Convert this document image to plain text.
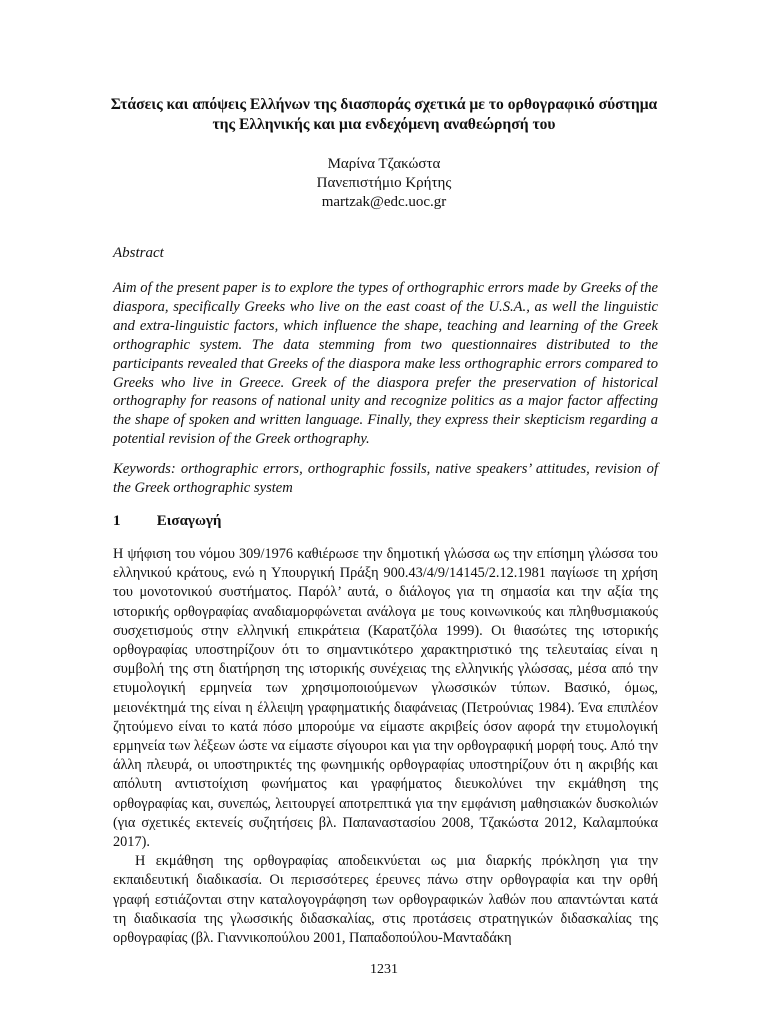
Στάσεις και απόψεις Ελλήνων της διασποράς σχετικά με το ορθογραφικό σύστημα της Ελληνικής και μια ενδεχόμενη αναθεώρησή του
Μαρίνα Τζακώστα
Πανεπιστήμιο Κρήτης
martzak@edc.uoc.gr
Abstract
Aim of the present paper is to explore the types of orthographic errors made by Greeks of the diaspora, specifically Greeks who live on the east coast of the U.S.A., as well the linguistic and extra-linguistic factors, which influence the shape, teaching and learning of the Greek orthographic system. The data stemming from two questionnaires distributed to the participants revealed that Greeks of the diaspora make less orthographic errors compared to Greeks who live in Greece. Greek of the diaspora prefer the preservation of historical orthography for reasons of national unity and recognize politics as a major factor affecting the shape of spoken and written language. Finally, they express their skepticism regarding a potential revision of the Greek orthography.
Keywords: orthographic errors, orthographic fossils, native speakers’ attitudes, revision of the Greek orthographic system
1 Εισαγωγή

Η ψήφιση του νόμου 309/1976 καθιέρωσε την δημοτική γλώσσα ως την επίσημη γλώσσα του ελληνικού κράτους, ενώ η Υπουργική Πράξη 900.43/4/9/14145/2.12.1981 παγίωσε τη χρήση του μονοτονικού συστήματος. Παρόλ’ αυτά, ο διάλογος για τη σημασία και την αξία της ιστορικής ορθογραφίας αναδιαμορφώνεται ανάλογα με τους κοινωνικούς και πληθυσμιακούς συσχετισμούς στην ελληνική επικράτεια (Καρατζόλα 1999). Οι θιασώτες της ιστορικής ορθογραφίας υποστηρίζουν ότι το σημαντικότερο χαρακτηριστικό της τελευταίας είναι η συμβολή της στη διατήρηση της ιστορικής συνέχειας της ελληνικής γλώσσας, μέσα από την ετυμολογική ερμηνεία των χρησιμοποιούμενων γλωσσικών τύπων. Βασικό, όμως, μειονέκτημά της είναι η έλλειψη γραφηματικής διαφάνειας (Πετρούνιας 1984). Ένα επιπλέον ζητούμενο είναι το κατά πόσο μπορούμε να είμαστε ακριβείς όσον αφορά την ετυμολογική ερμηνεία των λέξεων ώστε να είμαστε σίγουροι και για την ορθογραφική μορφή τους. Από την άλλη πλευρά, οι υποστηρικτές της φωνημικής ορθογραφίας υποστηρίζουν ότι η ακριβής και απόλυτη αντιστοίχιση φωνήματος και γραφήματος διευκολύνει την εκμάθηση της ορθογραφίας και, συνεπώς, λειτουργεί αποτρεπτικά για την εμφάνιση μαθησιακών δυσκολιών (για σχετικές εκτενείς συζητήσεις βλ. Παπαναστασίου 2008, Τζακώστα 2012, Καλαμπούκα 2017).

Η εκμάθηση της ορθογραφίας αποδεικνύεται ως μια διαρκής πρόκληση για την εκπαιδευτική διαδικασία. Οι περισσότερες έρευνες πάνω στην ορθογραφία και την ορθή γραφή εστιάζονται στην καταλογογράφηση των ορθογραφικών λαθών που απαντώνται κατά τη διαδικασία της γλωσσικής διδασκαλίας, στις προτάσεις στρατηγικών διδασκαλίας της ορθογραφίας (βλ. Γιαννικοπούλου 2001, Παπαδοπούλου-Μανταδάκη

1231
